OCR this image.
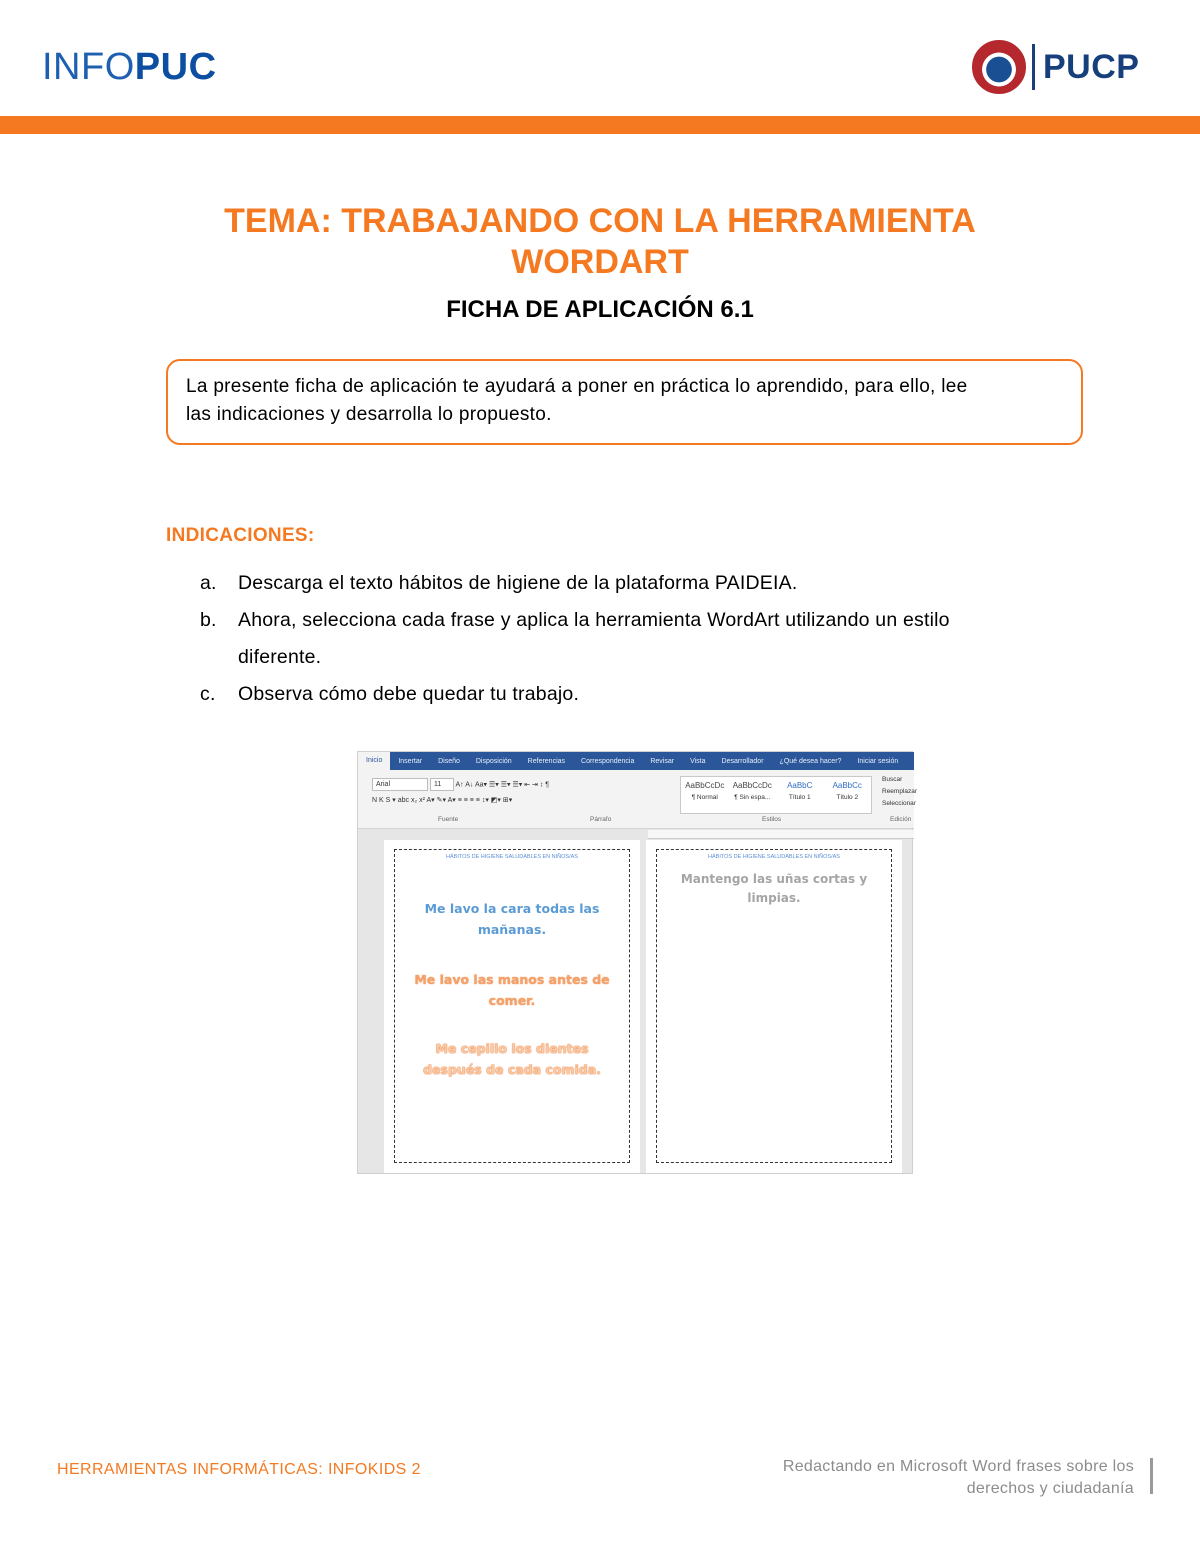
INFOPUC	PUCP
TEMA: TRABAJANDO CON LA HERRAMIENTA
WORDART
FICHA DE APLICACIÓN 6.1
La presente ficha de aplicación te ayudará a poner en práctica lo aprendido, para ello, lee
las indicaciones y desarrolla lo propuesto.
INDICACIONES:
a. Descarga el texto hábitos de higiene de la plataforma PAIDEIA.
b. Ahora, selecciona cada frase y aplica la herramienta WordArt utilizando un estilo
diferente.
c. Observa cómo debe quedar tu trabajo.
Inicio	Insertar	Diseño	Disposición	Referencias	Correspondencia	Revisar	Vista	Desarrollador	¿Qué desea hacer?	Iniciar sesión
Arial	11 A↑ A↓ Aa▾ ☰▾ ☰▾ ☰▾ ⇤ ⇥ ↕ ¶
N K S ▾ abc x₂ x² A▾ ✎▾ A▾ ≡ ≡ ≡ ≡ ↕▾ ◩▾ ⊞▾
AaBbCcDc
¶ Normal
AaBbCcDc
¶ Sin espa...
AaBbC
Título 1
AaBbCc
Título 2
Buscar
Reemplazar
Seleccionar
Fuente	Párrafo	Estilos	Edición
HÁBITOS DE HIGIENE SALUDABLES EN NIÑOS/AS
Me lavo la cara todas las
mañanas.
Me lavo las manos antes de
comer.
Me cepillo los dientes
después de cada comida.
HÁBITOS DE HIGIENE SALUDABLES EN NIÑOS/AS
Mantengo las uñas cortas y
limpias.
HERRAMIENTAS INFORMÁTICAS: INFOKIDS 2	Redactando en Microsoft Word frases sobre los
derechos y ciudadanía
